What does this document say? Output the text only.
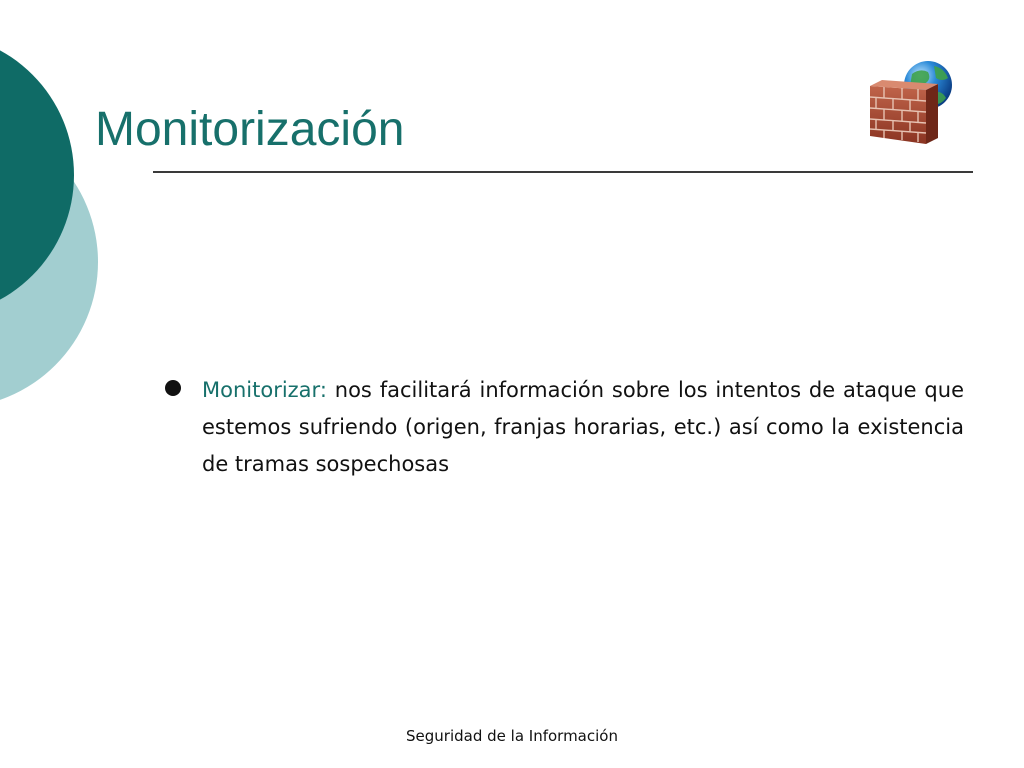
Monitorización

Monitorizar: nos facilitará información sobre los intentos de ataque que estemos sufriendo (origen, franjas horarias, etc.) así como la existencia de tramas sospechosas

Seguridad de la Información
